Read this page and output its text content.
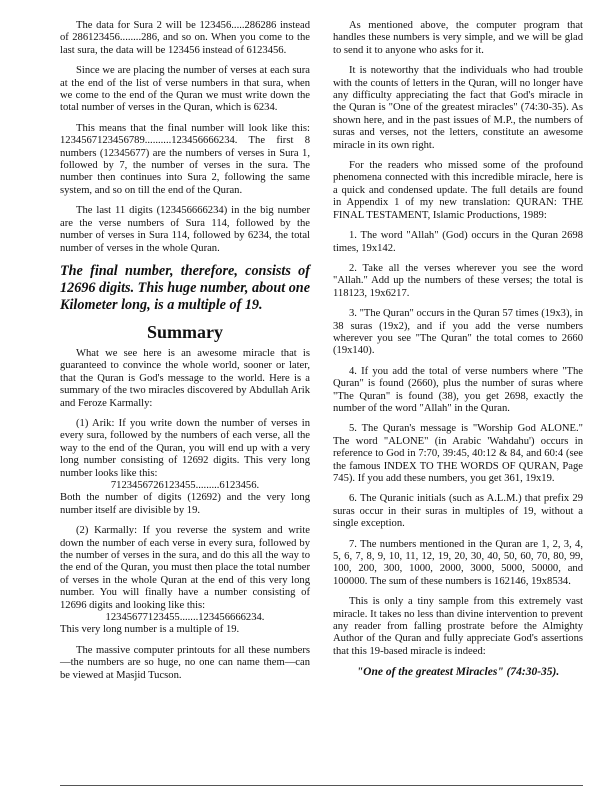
The data for Sura 2 will be 123456.....286286 instead of 286123456........286, and so on. When you come to the last sura, the data will be 123456 instead of 6123456.

Since we are placing the number of verses at each sura at the end of the list of verse numbers in that sura, when we come to the end of the Quran we must write down the total number of verses in the Quran, which is 6234.

This means that the final number will look like this: 1234567123456789..........123456666234. The first 8 numbers (12345677) are the numbers of verses in Sura 1, followed by 7, the number of verses in the sura. The number then continues into Sura 2, following the same system, and so on till the end of the Quran.

The last 11 digits (123456666234) in the big number are the verse numbers of Sura 114, followed by the number of verses in Sura 114, followed by 6234, the total number of verses in the whole Quran.

The final number, therefore, consists of 12696 digits. This huge number, about one Kilometer long, is a multiple of 19.

Summary

What we see here is an awesome miracle that is guaranteed to convince the whole world, sooner or later, that the Quran is God's message to the world. Here is a summary of the two miracles discovered by Abdullah Arik and Feroze Karmally:

(1) Arik: If you write down the number of verses in every sura, followed by the numbers of each verse, all the way to the end of the Quran, you will end up with a very long number consisting of 12692 digits. This very long number looks like this:

7123456726123455.........6123456.

Both the number of digits (12692) and the very long number itself are divisible by 19.

(2) Karmally: If you reverse the system and write down the number of each verse in every sura, followed by the number of verses in the sura, and do this all the way to the end of the Quran, you must then place the total number of verses in the whole Quran at the end of this very long number. You will finally have a number consisting of 12696 digits and looking like this:

12345677123455.......123456666234.

This very long number is a multiple of 19.

The massive computer printouts for all these numbers—the numbers are so huge, no one can name them—can be viewed at Masjid Tucson.

As mentioned above, the computer program that handles these numbers is very simple, and we will be glad to send it to anyone who asks for it.

It is noteworthy that the individuals who had trouble with the counts of letters in the Quran, will no longer have any difficulty appreciating the fact that God's miracle in the Quran is "One of the greatest miracles" (74:30-35). As shown here, and in the past issues of M.P., the numbers of suras and verses, not the letters, constitute an awesome miracle in its own right.

For the readers who missed some of the profound phenomena connected with this incredible miracle, here is a quick and condensed update. The full details are found in Appendix 1 of my new translation: QURAN: THE FINAL TESTAMENT, Islamic Productions, 1989:

1. The word "Allah" (God) occurs in the Quran 2698 times, 19x142.

2. Take all the verses wherever you see the word "Allah." Add up the numbers of these verses; the total is 118123, 19x6217.

3. "The Quran" occurs in the Quran 57 times (19x3), in 38 suras (19x2), and if you add the verse numbers wherever you see "The Quran" the total comes to 2660 (19x140).

4. If you add the total of verse numbers where "The Quran" is found (2660), plus the number of suras where "The Quran" is found (38), you get 2698, exactly the number of the word "Allah" in the Quran.

5. The Quran's message is "Worship God ALONE." The word "ALONE" (in Arabic 'Wahdahu') occurs in reference to God in 7:70, 39:45, 40:12 & 84, and 60:4 (see the famous INDEX TO THE WORDS OF QURAN, Page 745). If you add these numbers, you get 361, 19x19.

6. The Quranic initials (such as A.L.M.) that prefix 29 suras occur in their suras in multiples of 19, without a single exception.

7. The numbers mentioned in the Quran are 1, 2, 3, 4, 5, 6, 7, 8, 9, 10, 11, 12, 19, 20, 30, 40, 50, 60, 70, 80, 99, 100, 200, 300, 1000, 2000, 3000, 5000, 50000, and 100000. The sum of these numbers is 162146, 19x8534.

This is only a tiny sample from this extremely vast miracle. It takes no less than divine intervention to prevent any reader from falling prostrate before the Almighty Author of the Quran and fully appreciate God's assertions that this 19-based miracle is indeed:

"One of the greatest Miracles" (74:30-35).
